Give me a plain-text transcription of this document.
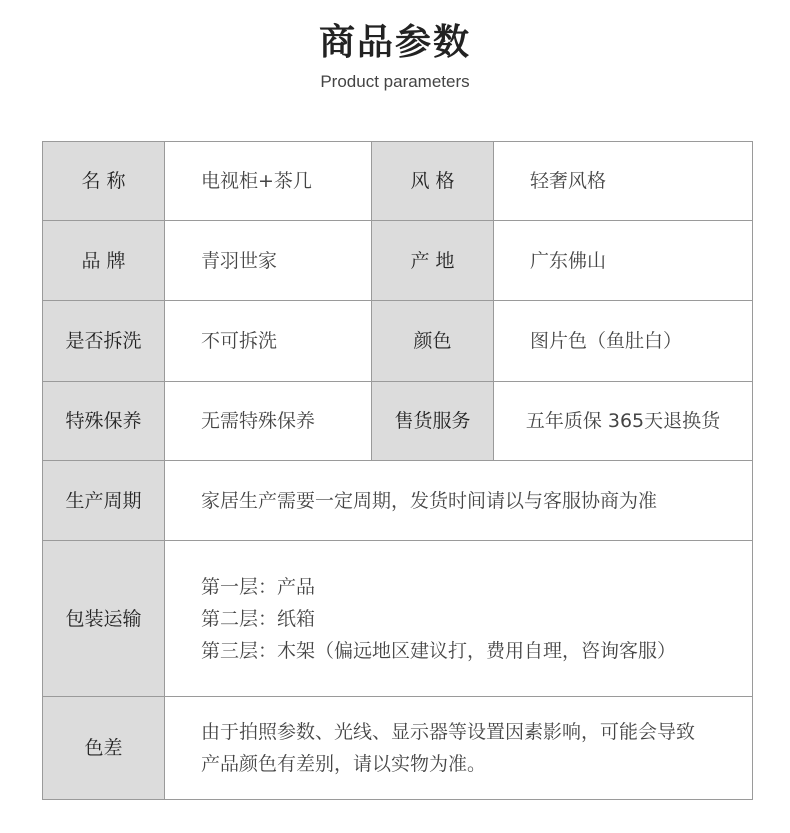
商品参数
Product parameters
名 称	电视柜+茶几	风 格	轻奢风格
品 牌	青羽世家	产 地	广东佛山
是否拆洗	不可拆洗	颜色	图片色（鱼肚白）
特殊保养	无需特殊保养	售货服务	五年质保 365天退换货
生产周期	家居生产需要一定周期，发货时间请以与客服协商为准		
包装运输	第一层：产品
第二层：纸箱
第三层：木架（偏远地区建议打，费用自理，咨询客服）		

色差	由于拍照参数、光线、显示器等设置因素影响，可能会导致
产品颜色有差别，请以实物为准。		
